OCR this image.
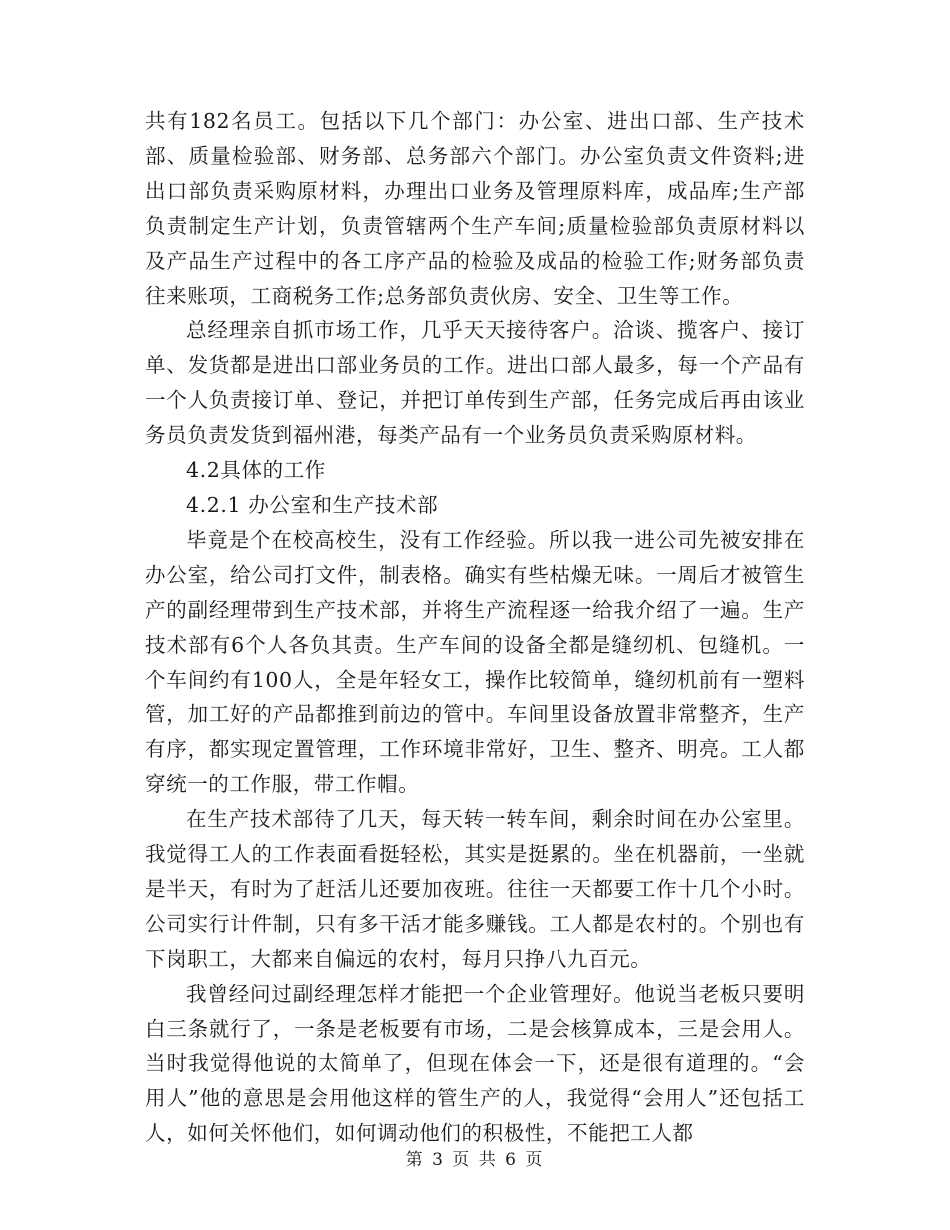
共有182名员工。包括以下几个部门：办公室、进出口部、生产技术部、质量检验部、财务部、总务部六个部门。办公室负责文件资料;进出口部负责采购原材料，办理出口业务及管理原料库，成品库;生产部负责制定生产计划，负责管辖两个生产车间;质量检验部负责原材料以及产品生产过程中的各工序产品的检验及成品的检验工作;财务部负责往来账项，工商税务工作;总务部负责伙房、安全、卫生等工作。

总经理亲自抓市场工作，几乎天天接待客户。洽谈、揽客户、接订单、发货都是进出口部业务员的工作。进出口部人最多，每一个产品有一个人负责接订单、登记，并把订单传到生产部，任务完成后再由该业务员负责发货到福州港，每类产品有一个业务员负责采购原材料。

4.2具体的工作

4.2.1 办公室和生产技术部

毕竟是个在校高校生，没有工作经验。所以我一进公司先被安排在办公室，给公司打文件，制表格。确实有些枯燥无味。一周后才被管生产的副经理带到生产技术部，并将生产流程逐一给我介绍了一遍。生产技术部有6个人各负其责。生产车间的设备全都是缝纫机、包缝机。一个车间约有100人，全是年轻女工，操作比较简单，缝纫机前有一塑料管，加工好的产品都推到前边的管中。车间里设备放置非常整齐，生产有序，都实现定置管理，工作环境非常好，卫生、整齐、明亮。工人都穿统一的工作服，带工作帽。

在生产技术部待了几天，每天转一转车间，剩余时间在办公室里。我觉得工人的工作表面看挺轻松，其实是挺累的。坐在机器前，一坐就是半天，有时为了赶活儿还要加夜班。往往一天都要工作十几个小时。公司实行计件制，只有多干活才能多赚钱。工人都是农村的。个别也有下岗职工，大都来自偏远的农村，每月只挣八九百元。

我曾经问过副经理怎样才能把一个企业管理好。他说当老板只要明白三条就行了，一条是老板要有市场，二是会核算成本，三是会用人。当时我觉得他说的太简单了，但现在体会一下，还是很有道理的。“会用人”他的意思是会用他这样的管生产的人，我觉得“会用人”还包括工人，如何关怀他们，如何调动他们的积极性，不能把工人都

第 3 页 共 6 页
